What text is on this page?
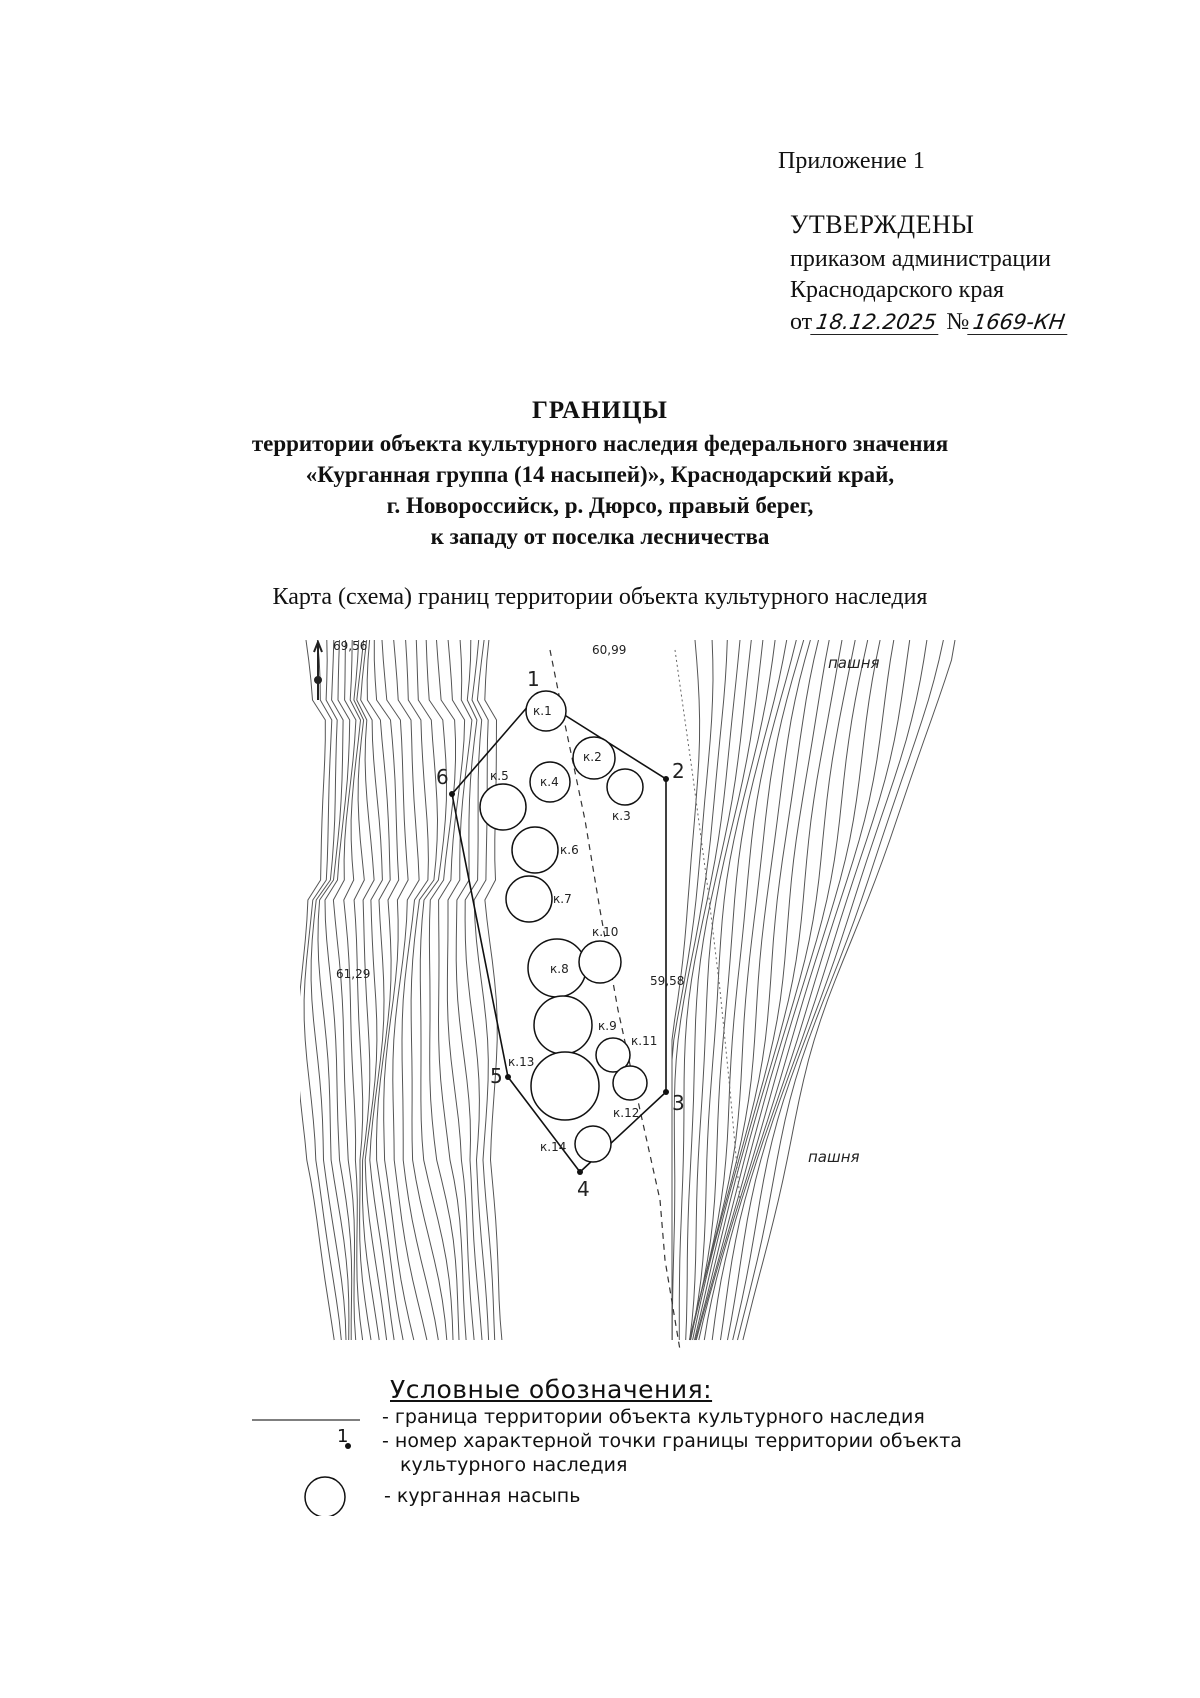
Приложение 1
УТВЕРЖДЕНЫ
приказом администрации
Краснодарского края
от 18.12.2025 № 1669-КН
ГРАНИЦЫ
территории объекта культурного наследия федерального значения
«Курганная группа (14 насыпей)», Краснодарский край,
г. Новороссийск, р. Дюрсо, правый берег,
к западу от поселка лесничества
Карта (схема) границ территории объекта культурного наследия
к.1
к.2
к.3
к.4
к.5
к.6
к.7
к.8
к.9
к.10
к.11
к.12
к.13
к.14
1
2
3
4
5
6
69,56	60,99
61,29	59,58
пашня
пашня
Условные обозначения:
1
- граница территории объекта культурного наследия
- номер характерной точки границы территории объекта
культурного наследия
- курганная насыпь
